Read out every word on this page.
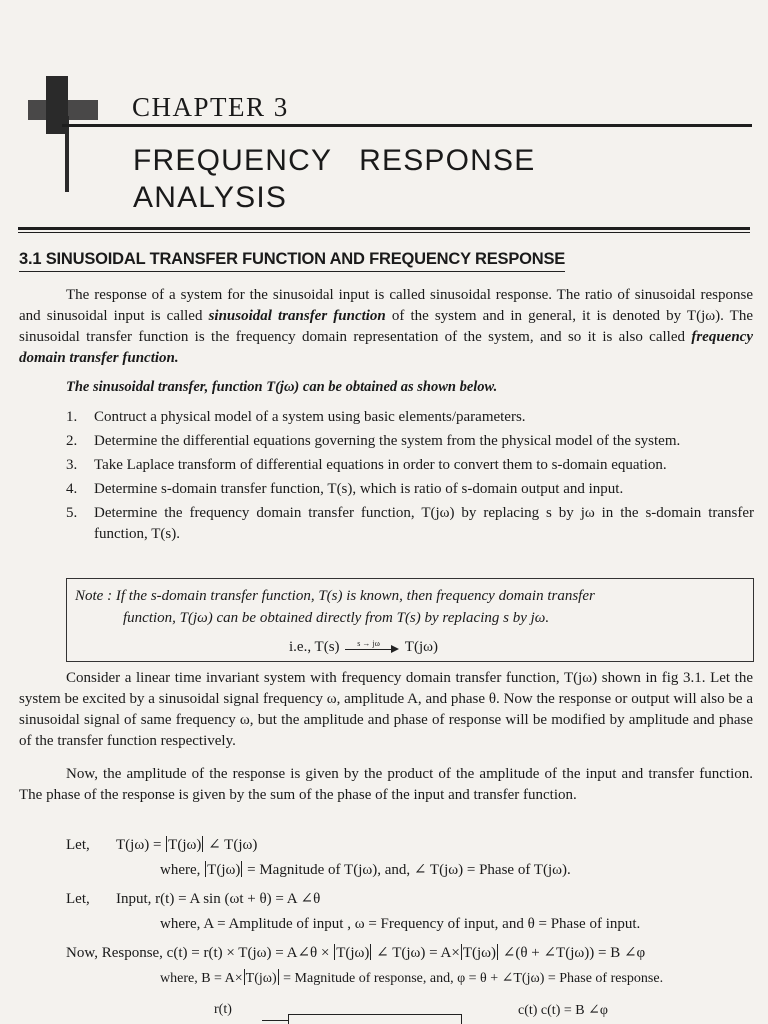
CHAPTER 3
FREQUENCY RESPONSE
ANALYSIS
3.1 SINUSOIDAL TRANSFER FUNCTION AND FREQUENCY RESPONSE
The response of a system for the sinusoidal input is called sinusoidal response. The ratio of sinusoidal response and sinusoidal input is called sinusoidal transfer function of the system and in general, it is denoted by T(jω). The sinusoidal transfer function is the frequency domain representation of the system, and so it is also called frequency domain transfer function.
The sinusoidal transfer, function T(jω) can be obtained as shown below.
1. Contruct a physical model of a system using basic elements/parameters.
2. Determine the differential equations governing the system from the physical model of the system.
3. Take Laplace transform of differential equations in order to convert them to s-domain equation.
4. Determine s-domain transfer function, T(s), which is ratio of s-domain output and input.
5. Determine the frequency domain transfer function, T(jω) by replacing s by jω in the s-domain transfer function, T(s).
Note : If the s-domain transfer function, T(s) is known, then frequency domain transfer
function, T(jω) can be obtained directly from T(s) by replacing s by jω.
i.e., T(s) s → jω T(jω)
Consider a linear time invariant system with frequency domain transfer function, T(jω) shown in fig 3.1. Let the system be excited by a sinusoidal signal frequency ω, amplitude A, and phase θ. Now the response or output will also be a sinusoidal signal of same frequency ω, but the amplitude and phase of response will be modified by amplitude and phase of the transfer function respectively.
Now, the amplitude of the response is given by the product of the amplitude of the input and transfer function. The phase of the response is given by the sum of the phase of the input and transfer function.
Let, T(jω) = T(jω) ∠ T(jω)
where, T(jω) = Magnitude of T(jω), and, ∠ T(jω) = Phase of T(jω).
Let, Input, r(t) = A sin (ωt + θ) = A ∠θ
where, A = Amplitude of input , ω = Frequency of input, and θ = Phase of input.
Now, Response, c(t) = r(t) × T(jω) = A∠θ × T(jω) ∠ T(jω) = A× T(jω) ∠(θ + ∠T(jω)) = B ∠φ
where, B = A× T(jω) = Magnitude of response, and, φ = θ + ∠T(jω) = Phase of response.
r(t)	c(t) c(t) = B ∠φ
